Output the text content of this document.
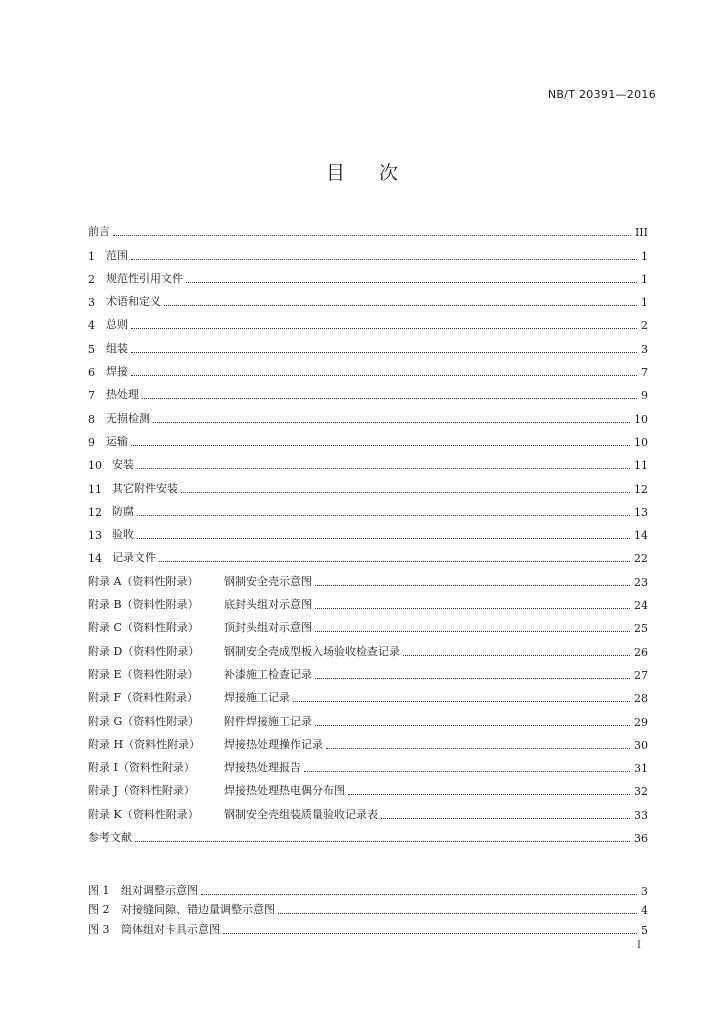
NB/T 20391—2016
目 次
前言	III
1	范围	1
2	规范性引用文件	1
3	术语和定义	1
4	总则	2
5	组装	3
6	焊接	7
7	热处理	9
8	无损检测	10
9	运输	10
10 安装	11
11 其它附件安装	12
12 防腐	13
13 验收	14
14 记录文件	22
附录 A（资料性附录）	钢制安全壳示意图	23
附录 B（资料性附录）	底封头组对示意图	24
附录 C（资料性附录）	顶封头组对示意图	25
附录 D（资料性附录）	钢制安全壳成型板入场验收检查记录	26
附录 E（资料性附录）	补漆施工检查记录	27
附录 F（资料性附录）	焊接施工记录	28
附录 G（资料性附录）	附件焊接施工记录	29
附录 H（资料性附录）	焊接热处理操作记录	30
附录 I（资料性附录）	焊接热处理报告	31
附录 J（资料性附录）	焊接热处理热电偶分布图	32
附录 K（资料性附录）	钢制安全壳组装质量验收记录表	33
参考文献	36
图 1	组对调整示意图	3
图 2	对接缝间隙、错边量调整示意图	4
图 3	筒体组对卡具示意图	5
I
